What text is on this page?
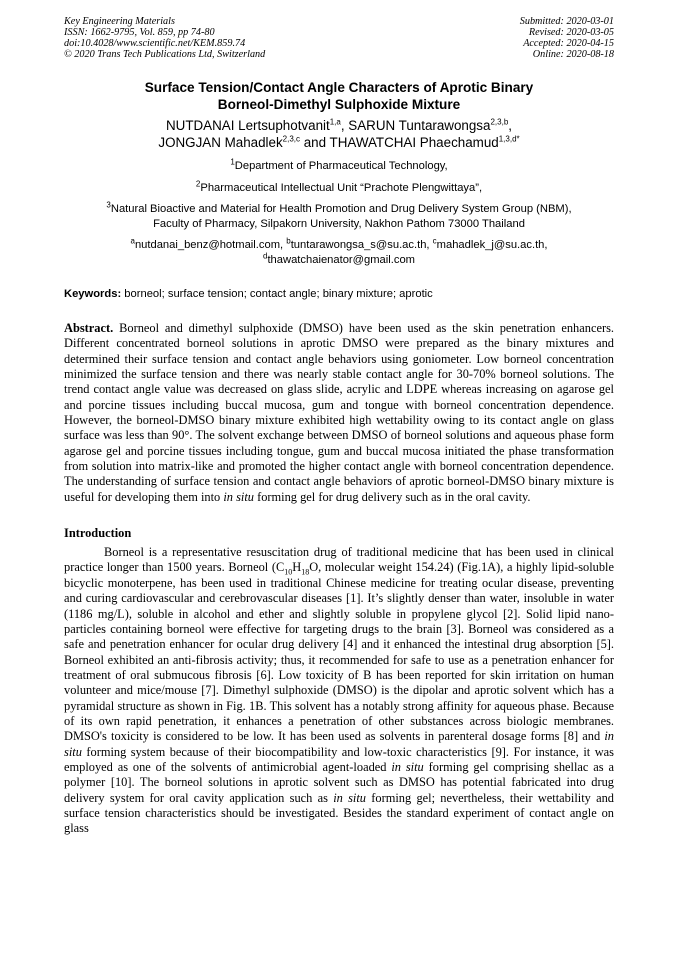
Key Engineering Materials
ISSN: 1662-9795, Vol. 859, pp 74-80
doi:10.4028/www.scientific.net/KEM.859.74
© 2020 Trans Tech Publications Ltd, Switzerland
Submitted: 2020-03-01
Revised: 2020-03-05
Accepted: 2020-04-15
Online: 2020-08-18
Surface Tension/Contact Angle Characters of Aprotic Binary
Borneol-Dimethyl Sulphoxide Mixture
NUTDANAI Lertsuphotvanit$^{1,a}$, SARUN Tuntarawongsa$^{2,3,b}$,
JONGJAN Mahadlek$^{2,3,c}$ and THAWATCHAI Phaechamud$^{1,3,d*}$
$^1$Department of Pharmaceutical Technology,
$^2$Pharmaceutical Intellectual Unit “Prachote Plengwittaya”,
$^3$Natural Bioactive and Material for Health Promotion and Drug Delivery System Group (NBM),
Faculty of Pharmacy, Silpakorn University, Nakhon Pathom 73000 Thailand
$^a$nutdanai_benz@hotmail.com, $^b$tuntarawongsa_s@su.ac.th, $^c$mahadlek_j@su.ac.th,
$^d$thawatchaienator@gmail.com
Keywords: borneol; surface tension; contact angle; binary mixture; aprotic
Abstract. Borneol and dimethyl sulphoxide (DMSO) have been used as the skin penetration enhancers. Different concentrated borneol solutions in aprotic DMSO were prepared as the binary mixtures and determined their surface tension and contact angle behaviors using goniometer. Low borneol concentration minimized the surface tension and there was nearly stable contact angle for 30-70% borneol solutions. The trend contact angle value was decreased on glass slide, acrylic and LDPE whereas increasing on agarose gel and porcine tissues including buccal mucosa, gum and tongue with borneol concentration dependence. However, the borneol-DMSO binary mixture exhibited high wettability owing to its contact angle on glass surface was less than 90°. The solvent exchange between DMSO of borneol solutions and aqueous phase form agarose gel and porcine tissues including tongue, gum and buccal mucosa initiated the phase transformation from solution into matrix-like and promoted the higher contact angle with borneol concentration dependence. The understanding of surface tension and contact angle behaviors of aprotic borneol-DMSO binary mixture is useful for developing them into in situ forming gel for drug delivery such as in the oral cavity.
Introduction
Borneol is a representative resuscitation drug of traditional medicine that has been used in clinical practice longer than 1500 years. Borneol ($C_{10}H_{18}O$, molecular weight 154.24) (Fig.1A), a highly lipid-soluble bicyclic monoterpene, has been used in traditional Chinese medicine for treating ocular disease, preventing and curing cardiovascular and cerebrovascular diseases [1]. It’s slightly denser than water, insoluble in water (1186 mg/L), soluble in alcohol and ether and slightly soluble in propylene glycol [2]. Solid lipid nano-particles containing borneol were effective for targeting drugs to the brain [3]. Borneol was considered as a safe and penetration enhancer for ocular drug delivery [4] and it enhanced the intestinal drug absorption [5]. Borneol exhibited an anti-fibrosis activity; thus, it recommended for safe to use as a penetration enhancer for treatment of oral submucous fibrosis [6]. Low toxicity of B has been reported for skin irritation on human volunteer and mice/mouse [7]. Dimethyl sulphoxide (DMSO) is the dipolar and aprotic solvent which has a pyramidal structure as shown in Fig. 1B. This solvent has a notably strong affinity for aqueous phase. Because of its own rapid penetration, it enhances a penetration of other substances across biologic membranes. DMSO's toxicity is considered to be low. It has been used as solvents in parenteral dosage forms [8] and in situ forming system because of their biocompatibility and low-toxic characteristics [9]. For instance, it was employed as one of the solvents of antimicrobial agent-loaded in situ forming gel comprising shellac as a polymer [10]. The borneol solutions in aprotic solvent such as DMSO has potential fabricated into drug delivery system for oral cavity application such as in situ forming gel; nevertheless, their wettability and surface tension characteristics should be investigated. Besides the standard experiment of contact angle on glass
